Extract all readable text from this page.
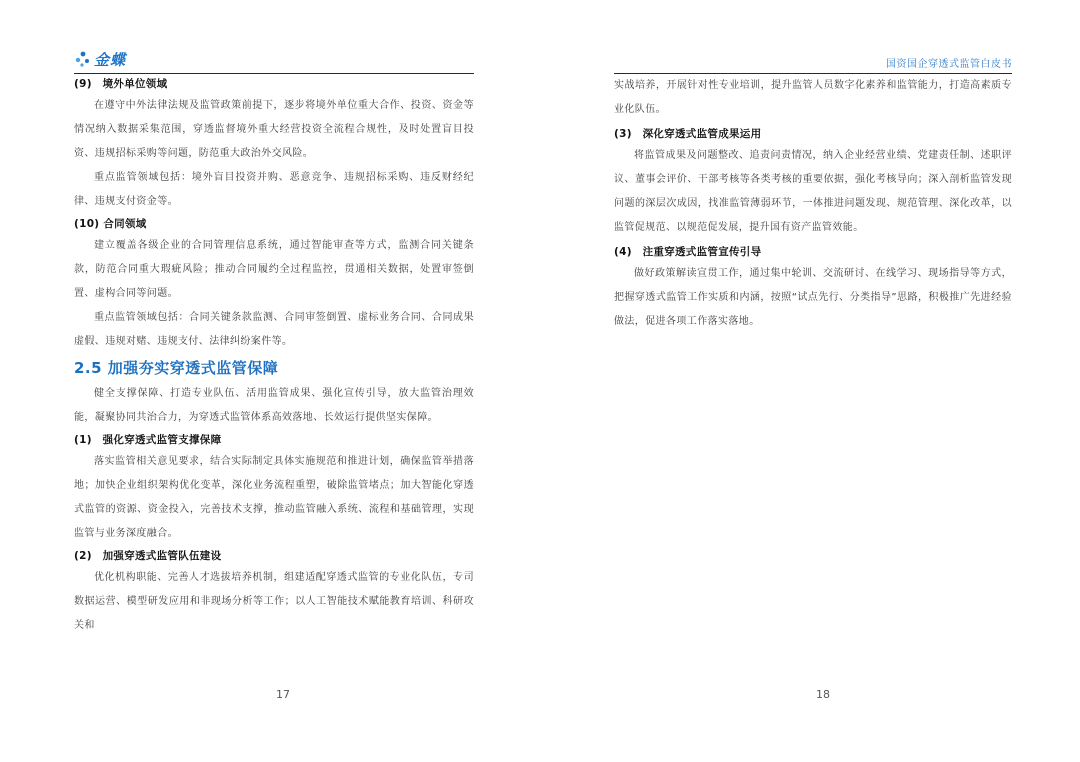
金蝶
(9)　境外单位领域

在遵守中外法律法规及监管政策前提下，逐步将境外单位重大合作、投资、资金等情况纳入数据采集范围，穿透监督境外重大经营投资全流程合规性，及时处置盲目投资、违规招标采购等问题，防范重大政治外交风险。

重点监管领域包括：境外盲目投资并购、恶意竞争、违规招标采购、违反财经纪律、违规支付资金等。

(10) 合同领域

建立覆盖各级企业的合同管理信息系统，通过智能审查等方式，监测合同关键条款，防范合同重大瑕疵风险；推动合同履约全过程监控，贯通相关数据，处置审签倒置、虚构合同等问题。

重点监管领域包括：合同关键条款监测、合同审签倒置、虚标业务合同、合同成果虚假、违规对赌、违规支付、法律纠纷案件等。

2.5 加强夯实穿透式监管保障

健全支撑保障、打造专业队伍、活用监管成果、强化宣传引导，放大监管治理效能，凝聚协同共治合力，为穿透式监管体系高效落地、长效运行提供坚实保障。

(1)　强化穿透式监管支撑保障

落实监管相关意见要求，结合实际制定具体实施规范和推进计划，确保监管举措落地；加快企业组织架构优化变革，深化业务流程重塑，破除监管堵点；加大智能化穿透式监管的资源、资金投入，完善技术支撑，推动监管融入系统、流程和基础管理，实现监管与业务深度融合。

(2)　加强穿透式监管队伍建设

优化机构职能、完善人才选拔培养机制，组建适配穿透式监管的专业化队伍，专司数据运营、模型研发应用和非现场分析等工作；以人工智能技术赋能教育培训、科研攻关和

17
国资国企穿透式监管白皮书

实战培养，开展针对性专业培训，提升监管人员数字化素养和监管能力，打造高素质专业化队伍。

(3)　深化穿透式监管成果运用

将监管成果及问题整改、追责问责情况，纳入企业经营业绩、党建责任制、述职评议、董事会评价、干部考核等各类考核的重要依据，强化考核导向；深入剖析监管发现问题的深层次成因，找准监管薄弱环节，一体推进问题发现、规范管理、深化改革，以监管促规范、以规范促发展，提升国有资产监管效能。

(4)　注重穿透式监管宣传引导

做好政策解读宣贯工作，通过集中轮训、交流研讨、在线学习、现场指导等方式，把握穿透式监管工作实质和内涵，按照“试点先行、分类指导”思路，积极推广先进经验做法，促进各项工作落实落地。

18
